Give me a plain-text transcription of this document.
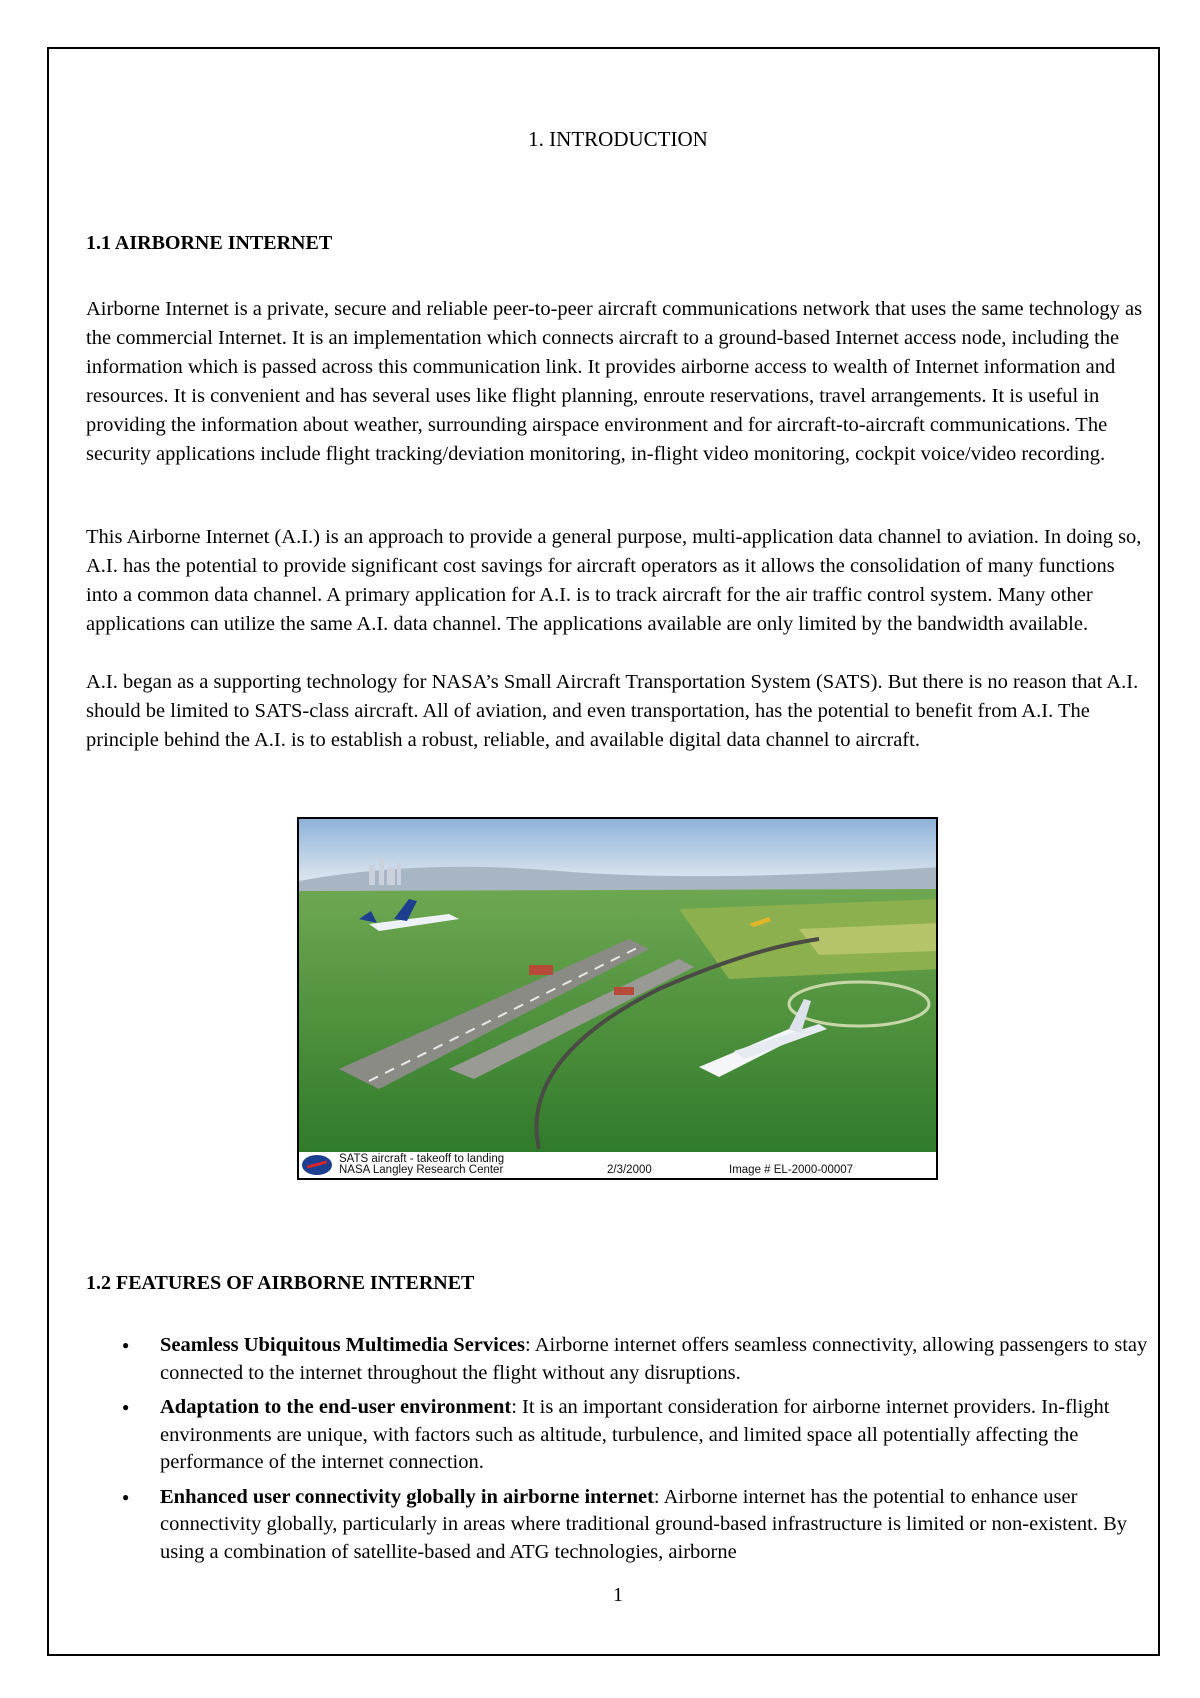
1. INTRODUCTION
1.1 AIRBORNE INTERNET

Airborne Internet is a private, secure and reliable peer-to-peer aircraft communications network that uses the same technology as the commercial Internet. It is an implementation which connects aircraft to a ground-based Internet access node, including the information which is passed across this communication link. It provides airborne access to wealth of Internet information and resources. It is convenient and has several uses like flight planning, enroute reservations, travel arrangements. It is useful in providing the information about weather, surrounding airspace environment and for aircraft-to-aircraft communications. The security applications include flight tracking/deviation monitoring, in-flight video monitoring, cockpit voice/video recording.

This Airborne Internet (A.I.) is an approach to provide a general purpose, multi-application data channel to aviation. In doing so, A.I. has the potential to provide significant cost savings for aircraft operators as it allows the consolidation of many functions into a common data channel. A primary application for A.I. is to track aircraft for the air traffic control system. Many other applications can utilize the same A.I. data channel. The applications available are only limited by the bandwidth available.

A.I. began as a supporting technology for NASA’s Small Aircraft Transportation System (SATS). But there is no reason that A.I. should be limited to SATS-class aircraft. All of aviation, and even transportation, has the potential to benefit from A.I. The principle behind the A.I. is to establish a robust, reliable, and available digital data channel to aircraft.

SATS aircraft - takeoff to landing
NASA Langley Research Center	2/3/2000	Image # EL-2000-00007
1.2 FEATURES OF AIRBORNE INTERNET
● Seamless Ubiquitous Multimedia Services: Airborne internet offers seamless connectivity, allowing passengers to stay connected to the internet throughout the flight without any disruptions.
● Adaptation to the end-user environment: It is an important consideration for airborne internet providers. In-flight environments are unique, with factors such as altitude, turbulence, and limited space all potentially affecting the performance of the internet connection.
● Enhanced user connectivity globally in airborne internet: Airborne internet has the potential to enhance user connectivity globally, particularly in areas where traditional ground-based infrastructure is limited or non-existent. By using a combination of satellite-based and ATG technologies, airborne
1
